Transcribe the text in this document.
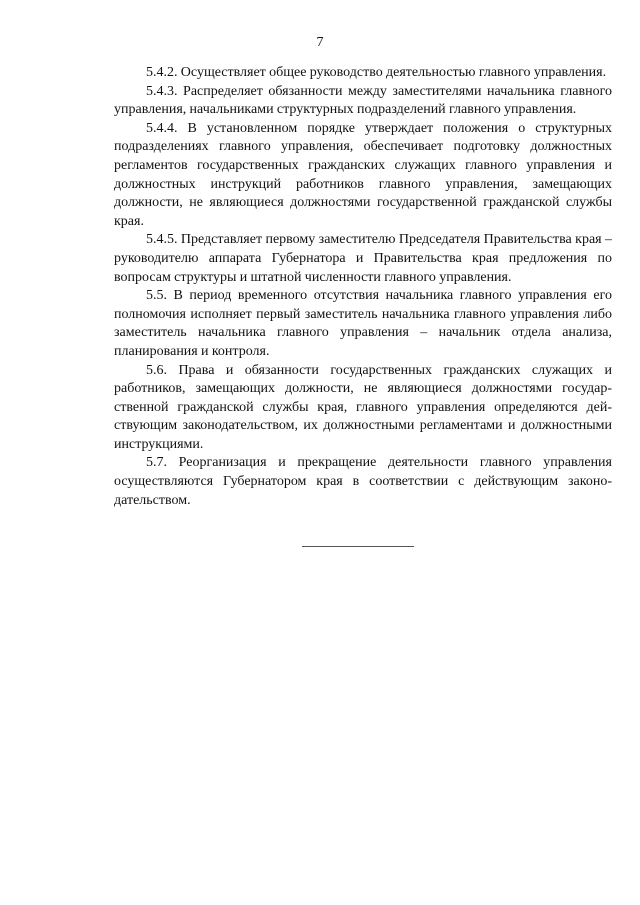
7

5.4.2. Осуществляет общее руководство деятельностью главного управления.

5.4.3. Распределяет обязанности между заместителями начальника главного управления, начальниками структурных подразделений главного управления.

5.4.4. В установленном порядке утверждает положения о структурных подразделениях главного управления, обеспечивает подготовку должностных регламентов государственных гражданских служащих главного управления и должностных инструкций работников главного управления, замещающих должности, не являющиеся должностями государственной гражданской службы края.

5.4.5. Представляет первому заместителю Председателя Правительства края – руководителю аппарата Губернатора и Правительства края предложения по вопросам структуры и штатной численности главного управления.

5.5. В период временного отсутствия начальника главного управления его полномочия исполняет первый заместитель начальника главного управления либо заместитель начальника главного управления – начальник отдела анализа, планирования и контроля.

5.6. Права и обязанности государственных гражданских служащих и работников, замещающих должности, не являющиеся должностями государственной гражданской службы края, главного управления определяются действующим законодательством, их должностными регламентами и должностными инструкциями.

5.7. Реорганизация и прекращение деятельности главного управления осуществляются Губернатором края в соответствии с действующим законодательством.
